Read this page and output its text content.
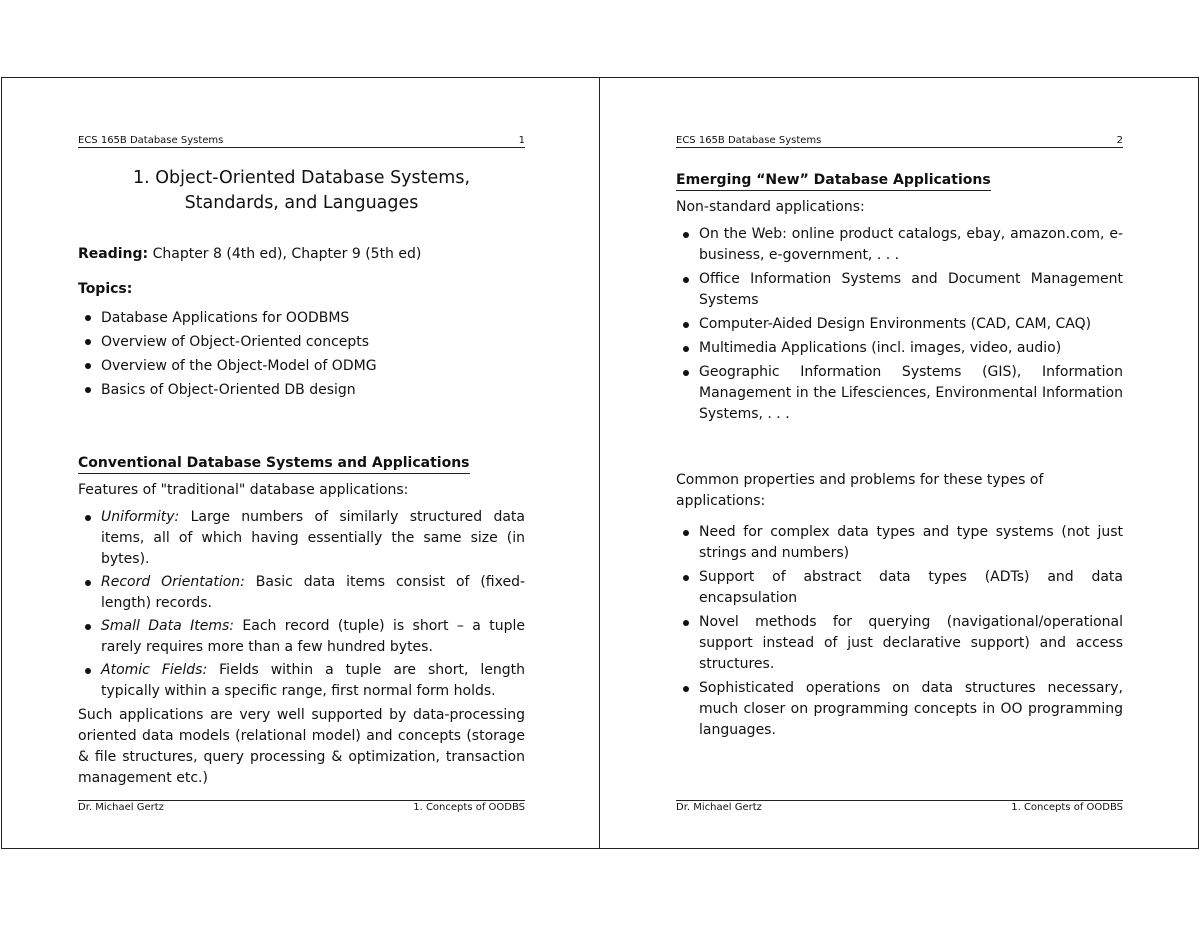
ECS 165B Database Systems	1

1. Object-Oriented Database Systems,

Standards, and Languages

Reading: Chapter 8 (4th ed), Chapter 9 (5th ed)

Topics:

Database Applications for OODBMS
Overview of Object-Oriented concepts
Overview of the Object-Model of ODMG
Basics of Object-Oriented DB design
Conventional Database Systems and Applications

Features of "traditional" database applications:

Uniformity: Large numbers of similarly structured data items, all of which having essentially the same size (in bytes).
Record Orientation: Basic data items consist of (fixed-length) records.
Small Data Items: Each record (tuple) is short – a tuple rarely requires more than a few hundred bytes.
Atomic Fields: Fields within a tuple are short, length typically within a specific range, first normal form holds.

Such applications are very well supported by data-processing oriented data models (relational model) and concepts (storage & file structures, query processing & optimization, transaction management etc.)

Dr. Michael Gertz	1. Concepts of OODBS
ECS 165B Database Systems	2
Emerging “New” Database Applications

Non-standard applications:

On the Web: online product catalogs, ebay, amazon.com, e-business, e-government, . . .
Office Information Systems and Document Management Systems
Computer-Aided Design Environments (CAD, CAM, CAQ)
Multimedia Applications (incl. images, video, audio)
Geographic Information Systems (GIS), Information Management in the Lifesciences, Environmental Information Systems, . . .

Common properties and problems for these types of applications:

Need for complex data types and type systems (not just strings and numbers)
Support of abstract data types (ADTs) and data encapsulation
Novel methods for querying (navigational/operational support instead of just declarative support) and access structures.
Sophisticated operations on data structures necessary, much closer on programming concepts in OO programming languages.
Dr. Michael Gertz	1. Concepts of OODBS
